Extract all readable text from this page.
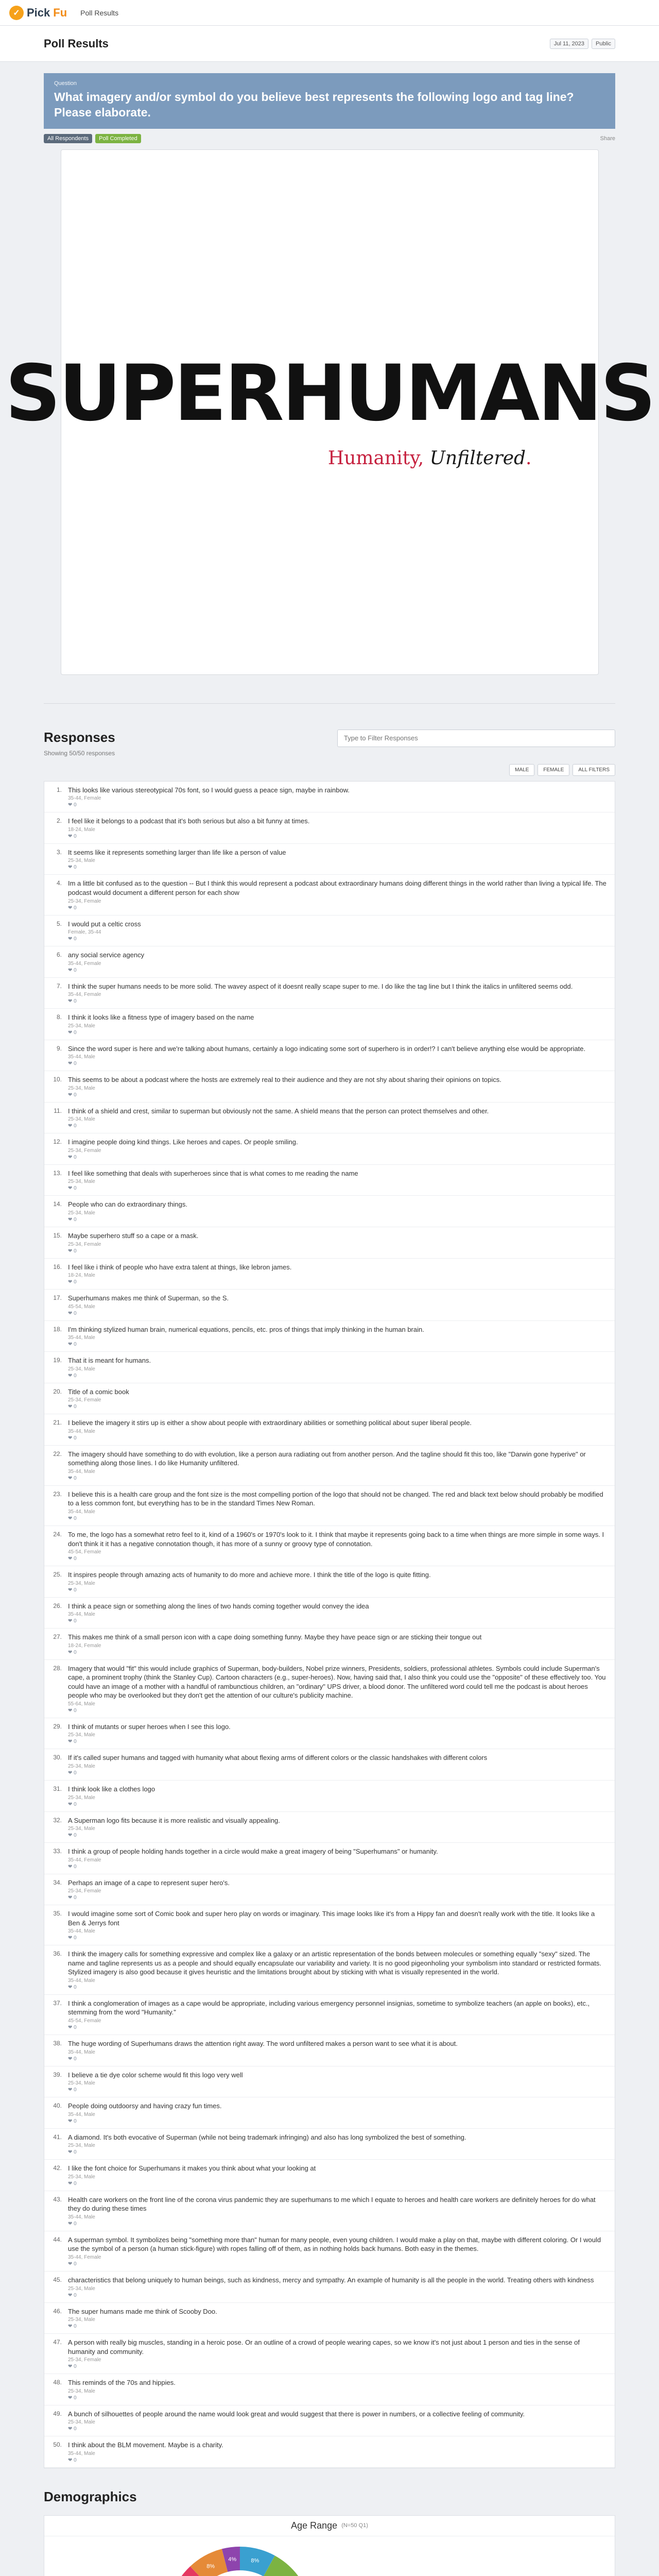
✓ Pick Fu Poll Results
Poll Results	Jul 11, 2023	Public
Question
What imagery and/or symbol do you believe best represents the following logo and tag line? Please elaborate.
All Respondents	Poll Completed	Share
SUPERHUMANS
Humanity, Unfiltered.
Responses
Showing 50/50 responses
Type to Filter Responses
MALE	FEMALE	ALL FILTERS
1. This looks like various stereotypical 70s font, so I would guess a peace sign, maybe in rainbow.
35-44, Female
❤ 0
2. I feel like it belongs to a podcast that it's both serious but also a bit funny at times.
18-24, Male
❤ 0
3. It seems like it represents something larger than life like a person of value
25-34, Male
❤ 0
4. Im a little bit confused as to the question -- But I think this would represent a podcast about extraordinary humans doing different things in the world rather than living a typical life. The podcast would document a different person for each show
25-34, Female
❤ 0
5. I would put a celtic cross
Female, 35-44
❤ 0
6. any social service agency
35-44, Female
❤ 0
7. I think the super humans needs to be more solid. The wavey aspect of it doesnt really scape super to me. I do like the tag line but I think the italics in unfiltered seems odd.
35-44, Female
❤ 0
8. I think it looks like a fitness type of imagery based on the name
25-34, Male
❤ 0
9. Since the word super is here and we're talking about humans, certainly a logo indicating some sort of superhero is in order!? I can't believe anything else would be appropriate.
35-44, Male
❤ 0
10. This seems to be about a podcast where the hosts are extremely real to their audience and they are not shy about sharing their opinions on topics.
25-34, Male
❤ 0
11. I think of a shield and crest, similar to superman but obviously not the same. A shield means that the person can protect themselves and other.
25-34, Male
❤ 0
12. I imagine people doing kind things. Like heroes and capes. Or people smiling.
25-34, Female
❤ 0
13. I feel like something that deals with superheroes since that is what comes to me reading the name
25-34, Male
❤ 0
14. People who can do extraordinary things.
25-34, Male
❤ 0
15. Maybe superhero stuff so a cape or a mask.
25-34, Female
❤ 0
16. I feel like i think of people who have extra talent at things, like lebron james.
18-24, Male
❤ 0
17. Superhumans makes me think of Superman, so the S.
45-54, Male
❤ 0
18. I'm thinking stylized human brain, numerical equations, pencils, etc. pros of things that imply thinking in the human brain.
35-44, Male
❤ 0
19. That it is meant for humans.
25-34, Male
❤ 0
20. Title of a comic book
25-34, Female
❤ 0
21. I believe the imagery it stirs up is either a show about people with extraordinary abilities or something political about super liberal people.
35-44, Male
❤ 0
22. The imagery should have something to do with evolution, like a person aura radiating out from another person. And the tagline should fit this too, like "Darwin gone hyperive" or something along those lines. I do like Humanity unfiltered.
35-44, Male
❤ 0
23. I believe this is a health care group and the font size is the most compelling portion of the logo that should not be changed. The red and black text below should probably be modified to a less common font, but everything has to be in the standard Times New Roman.
35-44, Male
❤ 0
24. To me, the logo has a somewhat retro feel to it, kind of a 1960's or 1970's look to it. I think that maybe it represents going back to a time when things are more simple in some ways. I don't think it it has a negative connotation though, it has more of a sunny or groovy type of connotation.
45-54, Female
❤ 0
25. It inspires people through amazing acts of humanity to do more and achieve more. I think the title of the logo is quite fitting.
25-34, Male
❤ 0
26. I think a peace sign or something along the lines of two hands coming together would convey the idea
35-44, Male
❤ 0
27. This makes me think of a small person icon with a cape doing something funny. Maybe they have peace sign or are sticking their tongue out
18-24, Female
❤ 0
28. Imagery that would "fit" this would include graphics of Superman, body-builders, Nobel prize winners, Presidents, soldiers, professional athletes. Symbols could include Superman's cape, a prominent trophy (think the Stanley Cup). Cartoon characters (e.g., super-heroes). Now, having said that, I also think you could use the "opposite" of these effectively too. You could have an image of a mother with a handful of rambunctious children, an "ordinary" UPS driver, a blood donor. The unfiltered word could tell me the podcast is about heroes people who may be overlooked but they don't get the attention of our culture's publicity machine.
55-64, Male
❤ 0
29. I think of mutants or super heroes when I see this logo.
25-34, Male
❤ 0
30. If it's called super humans and tagged with humanity what about flexing arms of different colors or the classic handshakes with different colors
25-34, Male
❤ 0
31. I think look like a clothes logo
25-34, Male
❤ 0
32. A Superman logo fits because it is more realistic and visually appealing.
25-34, Male
❤ 0
33. I think a group of people holding hands together in a circle would make a great imagery of being "Superhumans" or humanity.
35-44, Female
❤ 0
34. Perhaps an image of a cape to represent super hero's.
25-34, Female
❤ 0
35. I would imagine some sort of Comic book and super hero play on words or imaginary. This image looks like it's from a Hippy fan and doesn't really work with the title. It looks like a Ben & Jerrys font
35-44, Male
❤ 0
36. I think the imagery calls for something expressive and complex like a galaxy or an artistic representation of the bonds between molecules or something equally "sexy" sized. The name and tagline represents us as a people and should equally encapsulate our variability and variety. It is no good pigeonholing your symbolism into standard or restricted formats. Stylized imagery is also good because it gives heuristic and the limitations brought about by sticking with what is visually represented in the world.
35-44, Male
❤ 0
37. I think a conglomeration of images as a cape would be appropriate, including various emergency personnel insignias, sometime to symbolize teachers (an apple on books), etc., stemming from the word "Humanity."
45-54, Female
❤ 0
38. The huge wording of Superhumans draws the attention right away. The word unfiltered makes a person want to see what it is about.
35-44, Male
❤ 0
39. I believe a tie dye color scheme would fit this logo very well
25-34, Male
❤ 0
40. People doing outdoorsy and having crazy fun times.
35-44, Male
❤ 0
41. A diamond. It's both evocative of Superman (while not being trademark infringing) and also has long symbolized the best of something.
25-34, Male
❤ 0
42. I like the font choice for Superhumans it makes you think about what your looking at
25-34, Male
❤ 0
43. Health care workers on the front line of the corona virus pandemic they are superhumans to me which I equate to heroes and health care workers are definitely heroes for do what they do during these times
35-44, Male
❤ 0
44. A superman symbol. It symbolizes being "something more than" human for many people, even young children. I would make a play on that, maybe with different coloring. Or I would use the symbol of a person (a human stick-figure) with ropes falling off of them, as in nothing holds back humans. Both easy in the themes.
35-44, Female
❤ 0
45. characteristics that belong uniquely to human beings, such as kindness, mercy and sympathy. An example of humanity is all the people in the world. Treating others with kindness
25-34, Male
❤ 0
46. The super humans made me think of Scooby Doo.
25-34, Male
❤ 0
47. A person with really big muscles, standing in a heroic pose. Or an outline of a crowd of people wearing capes, so we know it's not just about 1 person and ties in the sense of humanity and community.
25-34, Female
❤ 0
48. This reminds of the 70s and hippies.
25-34, Male
❤ 0
49. A bunch of silhouettes of people around the name would look great and would suggest that there is power in numbers, or a collective feeling of community.
25-34, Male
❤ 0
50. I think about the BLM movement. Maybe is a charity.
35-44, Male
❤ 0
Demographics
Age Range (N=50 Q1)
8%
8%
4%
